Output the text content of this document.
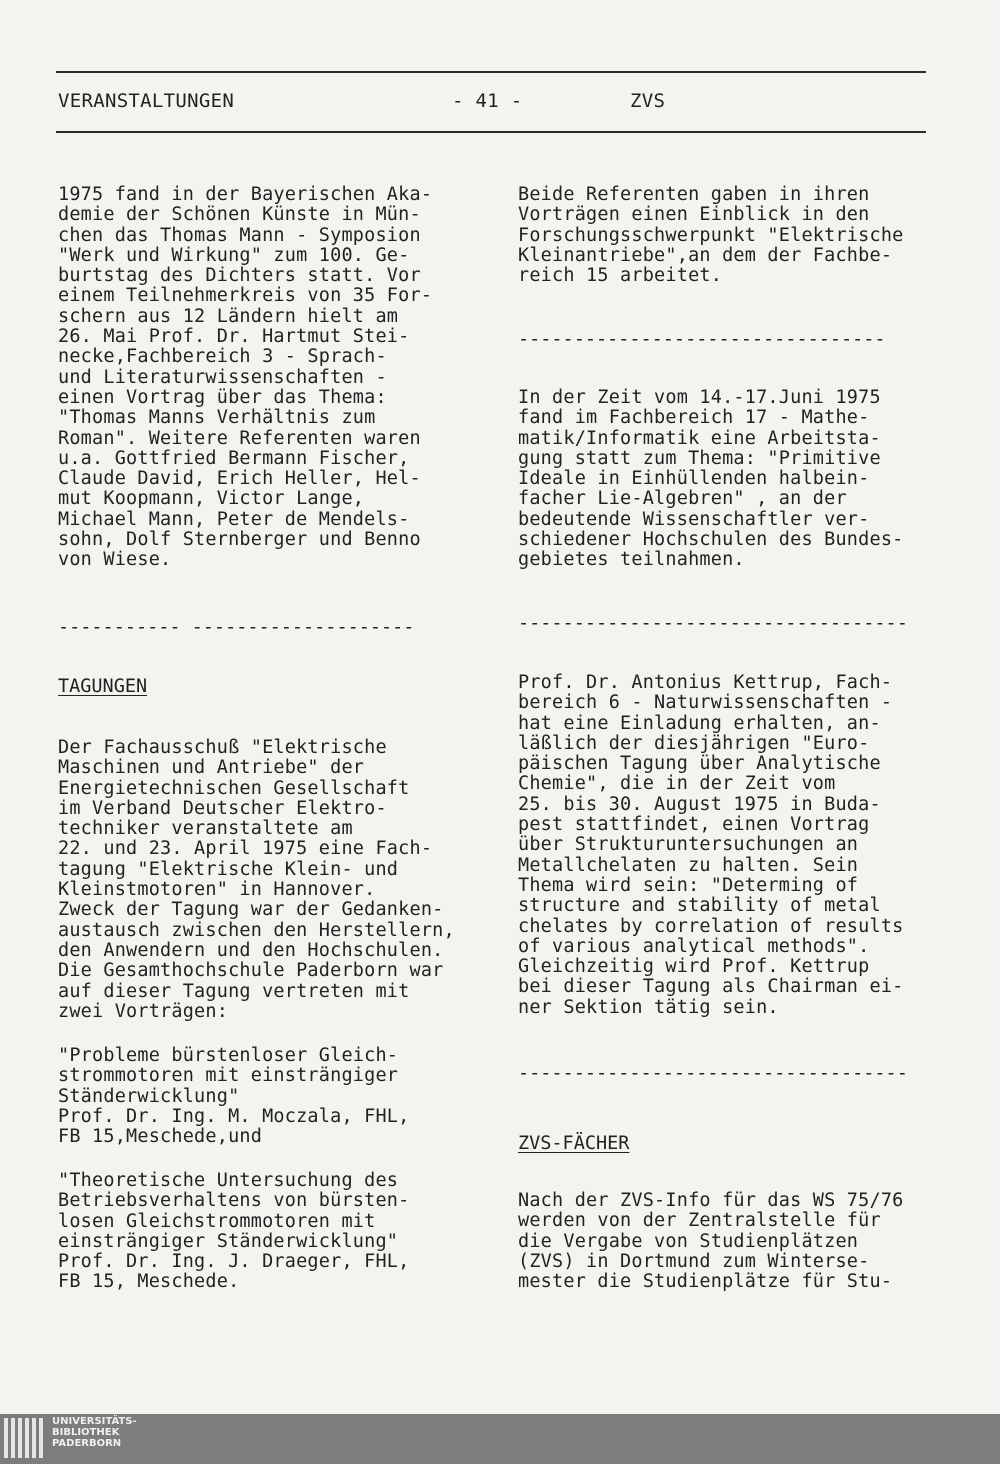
VERANSTALTUNGEN	- 41 -	ZVS
1975 fand in der Bayerischen Aka-
demie der Schönen Künste in Mün-
chen das Thomas Mann - Symposion
"Werk und Wirkung" zum 100. Ge-
burtstag des Dichters statt. Vor
einem Teilnehmerkreis von 35 For-
schern aus 12 Ländern hielt am
26. Mai Prof. Dr. Hartmut Stei-
necke,Fachbereich 3 - Sprach-
und Literaturwissenschaften -
einen Vortrag über das Thema:
"Thomas Manns Verhältnis zum
Roman". Weitere Referenten waren
u.a. Gottfried Bermann Fischer,
Claude David, Erich Heller, Hel-
mut Koopmann, Victor Lange,
Michael Mann, Peter de Mendels-
sohn, Dolf Sternberger und Benno
von Wiese.
----------- --------------------
TAGUNGEN
Der Fachausschuß "Elektrische
Maschinen und Antriebe" der
Energietechnischen Gesellschaft
im Verband Deutscher Elektro-
techniker veranstaltete am
22. und 23. April 1975 eine Fach-
tagung "Elektrische Klein- und
Kleinstmotoren" in Hannover.
Zweck der Tagung war der Gedanken-
austausch zwischen den Herstellern,
den Anwendern und den Hochschulen.
Die Gesamthochschule Paderborn war
auf dieser Tagung vertreten mit
zwei Vorträgen:
"Probleme bürstenloser Gleich-
strommotoren mit einsträngiger
Ständerwicklung"
Prof. Dr. Ing. M. Moczala, FHL,
FB 15,Meschede,und
"Theoretische Untersuchung des
Betriebsverhaltens von bürsten-
losen Gleichstrommotoren mit
einsträngiger Ständerwicklung"
Prof. Dr. Ing. J. Draeger, FHL,
FB 15, Meschede.
Beide Referenten gaben in ihren
Vorträgen einen Einblick in den
Forschungsschwerpunkt "Elektrische
Kleinantriebe",an dem der Fachbe-
reich 15 arbeitet.
---------------------------------
In der Zeit vom 14.-17.Juni 1975
fand im Fachbereich 17 - Mathe-
matik/Informatik eine Arbeitsta-
gung statt zum Thema: "Primitive
Ideale in Einhüllenden halbein-
facher Lie-Algebren" , an der
bedeutende Wissenschaftler ver-
schiedener Hochschulen des Bundes-
gebietes teilnahmen.
-----------------------------------
Prof. Dr. Antonius Kettrup, Fach-
bereich 6 - Naturwissenschaften -
hat eine Einladung erhalten, an-
läßlich der diesjährigen "Euro-
päischen Tagung über Analytische
Chemie", die in der Zeit vom
25. bis 30. August 1975 in Buda-
pest stattfindet, einen Vortrag
über Strukturuntersuchungen an
Metallchelaten zu halten. Sein
Thema wird sein: "Determing of
structure and stability of metal
chelates by correlation of results
of various analytical methods".
Gleichzeitig wird Prof. Kettrup
bei dieser Tagung als Chairman ei-
ner Sektion tätig sein.
-----------------------------------
ZVS-FÄCHER
Nach der ZVS-Info für das WS 75/76
werden von der Zentralstelle für
die Vergabe von Studienplätzen
(ZVS) in Dortmund zum Winterse-
mester die Studienplätze für Stu-
UNIVERSITÄTS-
BIBLIOTHEK
PADERBORN
